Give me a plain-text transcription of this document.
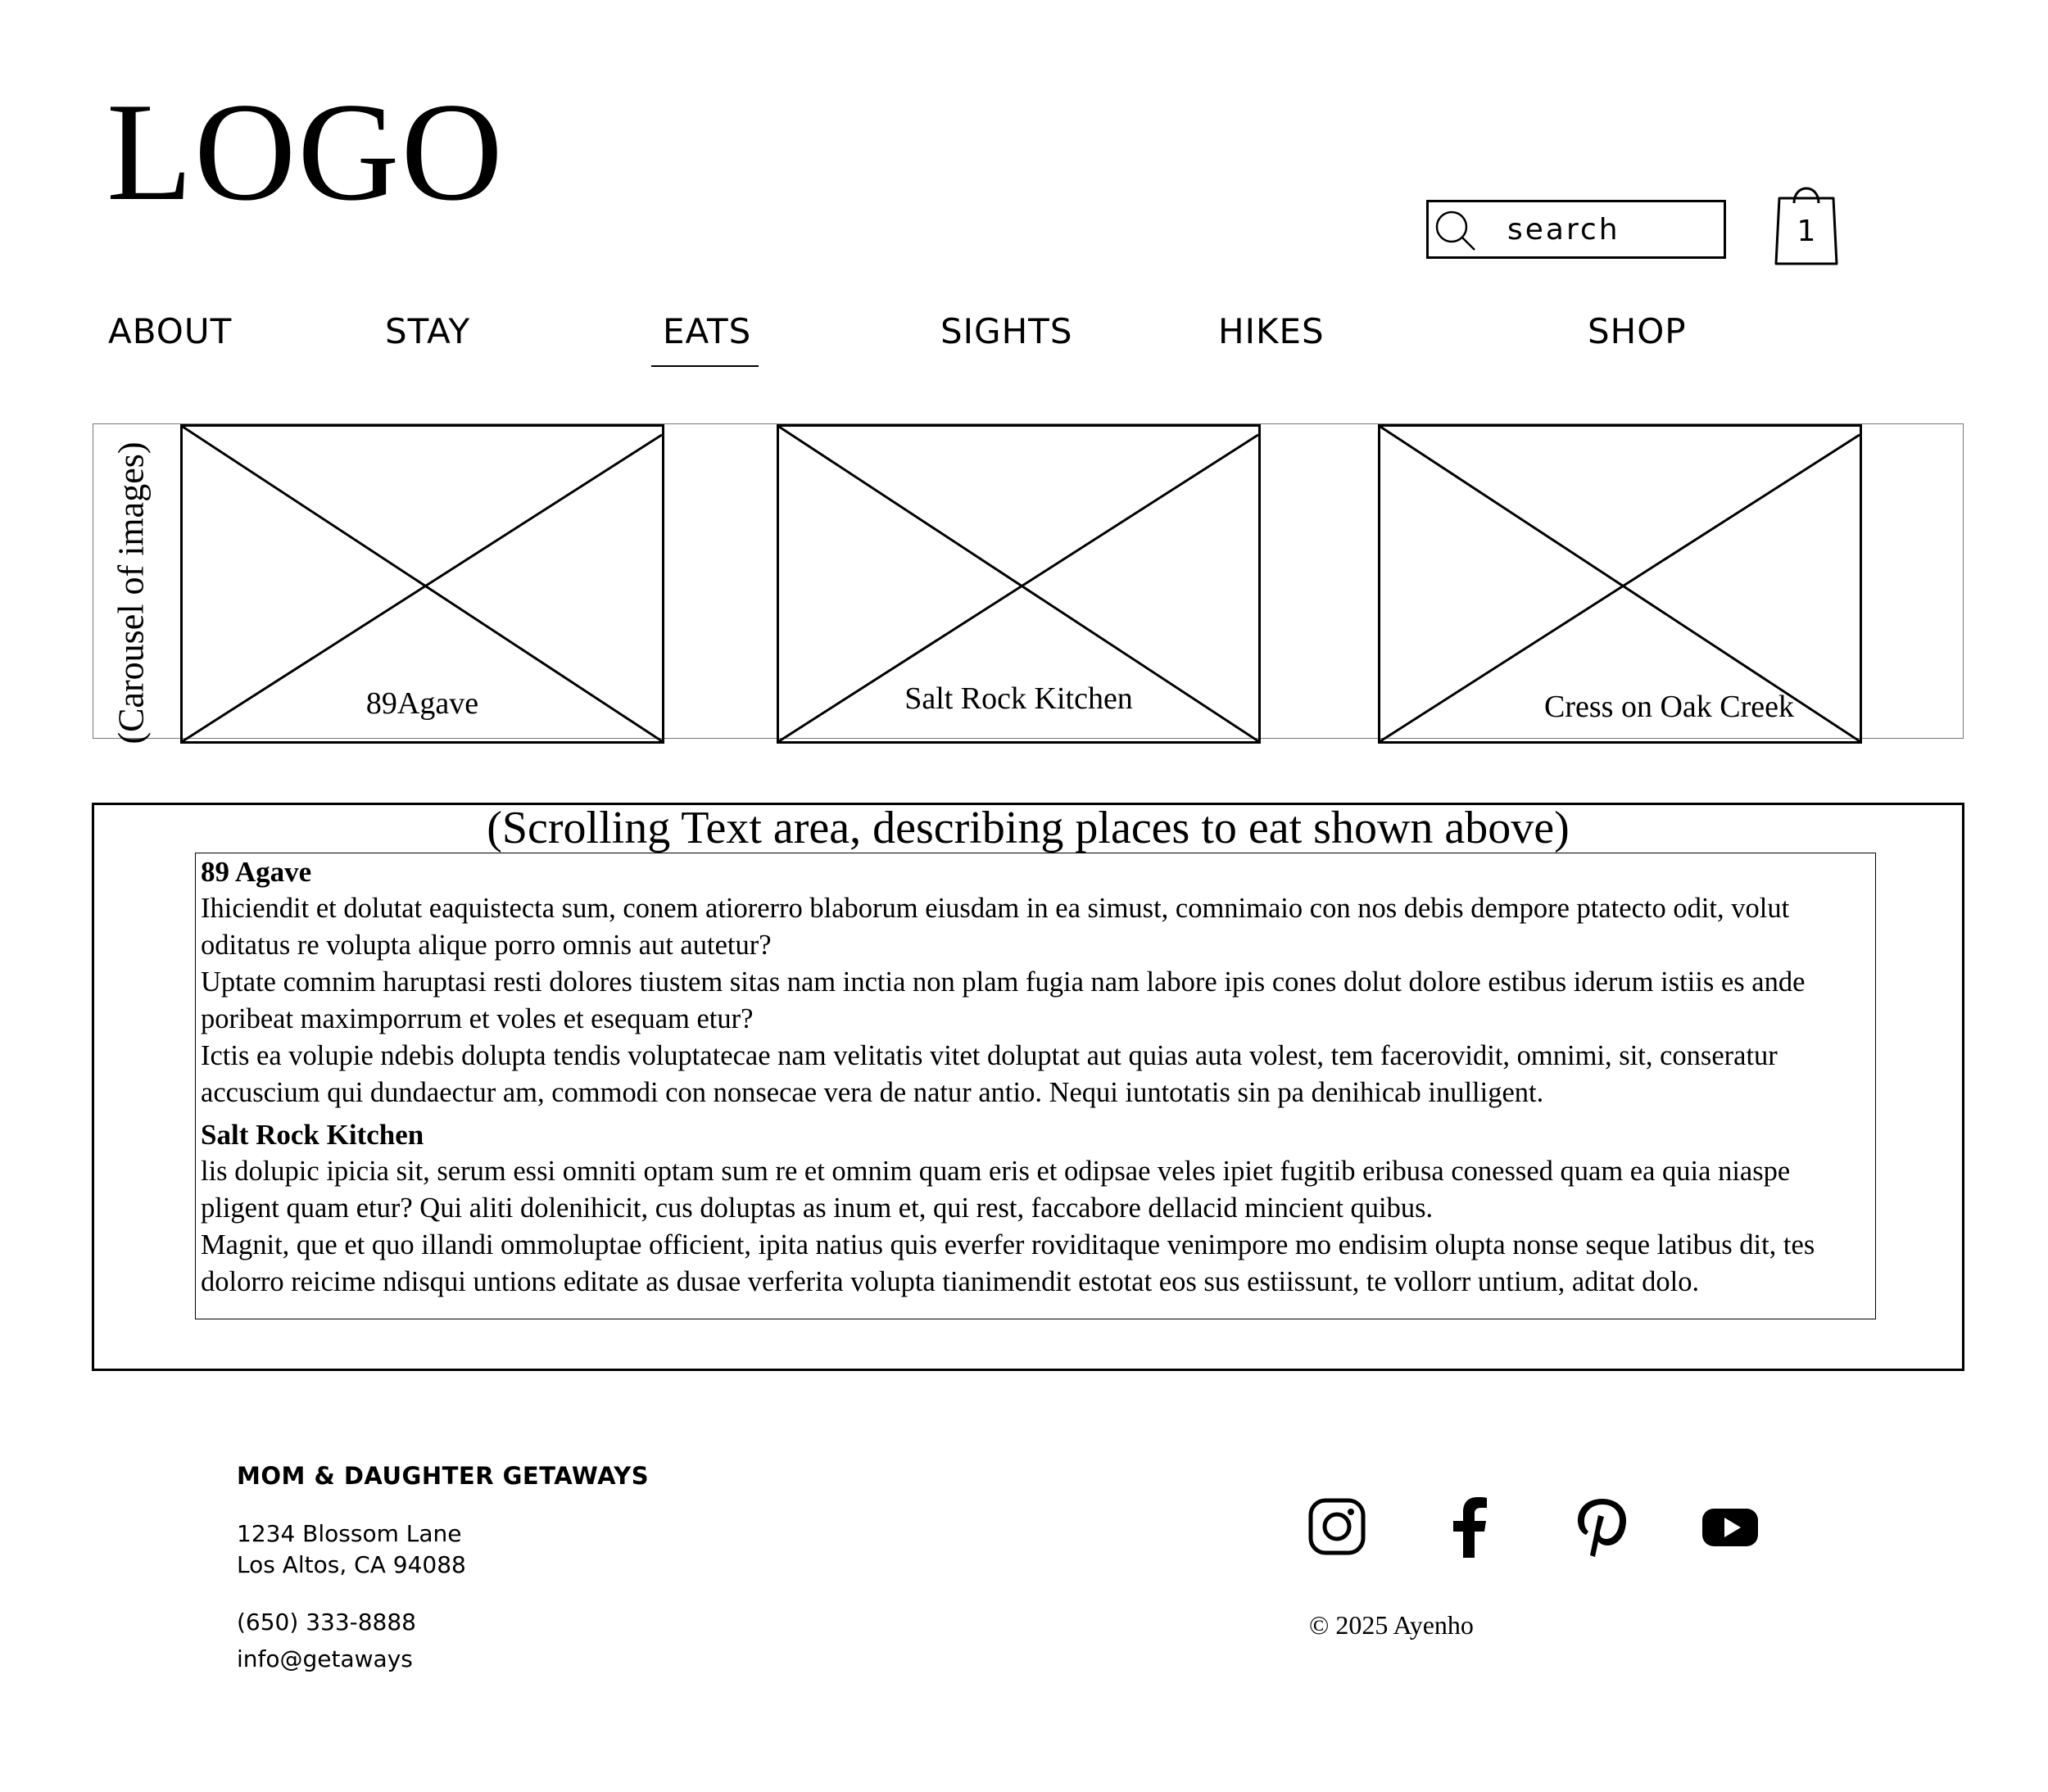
LOGO
search
1
ABOUT	STAY	EATS	SIGHTS	HIKES	SHOP
(Carousel of images)	89Agave	Salt Rock Kitchen	Cress on Oak Creek
(Scrolling Text area, describing places to eat shown above)
89 Agave

Ihiciendit et dolutat eaquistecta sum, conem atiorerro blaborum eiusdam in ea simust, comnimaio con nos debis dempore ptatecto odit, volut oditatus re volupta alique porro omnis aut autetur?

Uptate comnim haruptasi resti dolores tiustem sitas nam inctia non plam fugia nam labore ipis cones dolut dolore estibus iderum istiis es ande poribeat maximporrum et voles et esequam etur?

Ictis ea volupie ndebis dolupta tendis voluptatecae nam velitatis vitet doluptat aut quias auta volest, tem facerovidit, omnimi, sit, conseratur accuscium qui dundaectur am, commodi con nonsecae vera de natur antio. Nequi iuntotatis sin pa denihicab inulligent.

Salt Rock Kitchen

lis dolupic ipicia sit, serum essi omniti optam sum re et omnim quam eris et odipsae veles ipiet fugitib eribusa conessed quam ea quia niaspe pligent quam etur? Qui aliti dolenihicit, cus doluptas as inum et, qui rest, faccabore dellacid mincient quibus.

Magnit, que et quo illandi ommoluptae officient, ipita natius quis everfer roviditaque venimpore mo endisim olupta nonse seque latibus dit, tes dolorro reicime ndisqui untions editate as dusae verferita volupta tianimendit estotat eos sus estiissunt, te vollorr untium, aditat dolo.

MOM & DAUGHTER GETAWAYS
1234 Blossom Lane
Los Altos, CA 94088
(650) 333-8888
info@getaways
© 2025 Ayenho
